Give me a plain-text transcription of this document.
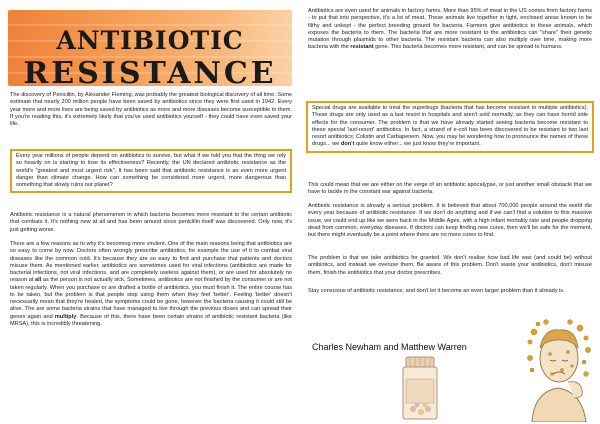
ANTIBIOTIC
RESISTANCE

The discovery of Penicillin, by Alexander Fleming, was probably the greatest biological discovery of all time. Some estimate that nearly 200 million people have been saved by antibiotics since they were first used in 1942. Every year more and more lives are being saved by antibiotics as more and more diseases become susceptible to them. If you're reading this, it's extremely likely that you've used antibiotics yourself - they could have even saved your life.

Every year millions of people depend on antibiotics to survive, but what if we told you that the thing we rely so heavily on is starting to lose its effectiveness? Recently, the UN declared antibiotic resistance as the world's "greatest and most urgent risk". It has been said that antibiotic resistance is an even more urgent danger than climate change. How can something be considered more urgent, more dangerous than something that slowly ruins our planet?

Antibiotic resistance is a natural phenomenon in which bacteria becomes more resistant to the certain antibiotic that combats it. It's nothing new at all and has been around since penicillin itself was discovered. Only now, it's just getting worse.

There are a few reasons as to why it's becoming more virulent. One of the main reasons being that antibiotics are so easy to come by now. Doctors often wrongly prescribe antibiotics, for example the use of it to combat viral diseases like the common cold. It's because they are so easy to find and purchase that patients and doctors misuse them. As mentioned earlier, antibiotics are sometimes used for viral infections (antibiotics are made for bacterial infections, not viral infections, and are completely useless against them), or are used for absolutely no reason at all as the person is not actually sick. Sometimes, antibiotics are not finished by the consumer or are not taken regularly. When you purchase or are drafted a bottle of antibiotics, you must finish it. The entire course has to be taken, but the problem is that people stop using them when they feel 'better'. Feeling 'better' doesn't necessarily mean that they're healed, the symptoms could be gone, however the bacteria causing it could still be alive. The are some bacteria strains that have managed to live through the previous doses and can spread their genes again and multiply. Because of this, there have been certain strains of antibiotic resistant bacteria (like MRSA), this is incredibly threatening.

Antibiotics are even used for animals in factory farms. More than 95% of meat in the US comes from factory farms - to put that into perspective, it's a lot of meat. These animals live together in tight, enclosed areas known to be filthy and unkept - the perfect breeding ground for bacteria. Farmers give antibiotics to these animals, which exposes the bacteria to them. The bacteria that are more resistant to the antibiotics can "share" their genetic mutation through plasmids to other bacteria. The resistant bacteria can also multiply over time, making more bacteria with the resistant gene. This bacteria becomes more resistant, and can be spread to humans.

Special drugs are available to treat the superbugs (bacteria that has become resistant to multiple antibiotics). These drugs are only used as a last resort in hospitals and aren't sold normally, as they can have horrid side effects for the consumer. The problem is that we have already started seeing bacteria become resistant to these special 'last-resort' antibiotics. In fact, a strand of e-coli has been discovered to be resistant to two last resort antibiotics; Colistin and Carbapenem. Now, you may be wondering how to pronounce the names of these drugs... we don't quite know either... we just know they're important.

This could mean that we are either on the verge of an antibiotic apocalypse, or just another small obstacle that we have to tackle in the constant war against bacteria.

Antibiotic resistance is already a serious problem. It is believed that about 700,000 people around the world die every year because of antibiotic resistance. If we don't do anything and if we can't find a solution to this massive issue, we could end up like we were back in the Middle Ages, with a high infant mortality rate and people dropping dead from common, everyday diseases. If doctors can keep finding new cures, then we'll be safe for the moment, but there might eventually be a point where there are no more cures to find.

The problem is that we take antibiotics for granted. We don't realise how bad life was (and could be) without antibiotics, and instead we overuse them. Be aware of this problem. Don't waste your antibiotics, don't misuse them, finish the antibiotics that your doctor prescribes.

Stay conscious of antibiotic resistance, and don't let it become an even larger problem than it already is.

Charles Newham and Matthew Warren
